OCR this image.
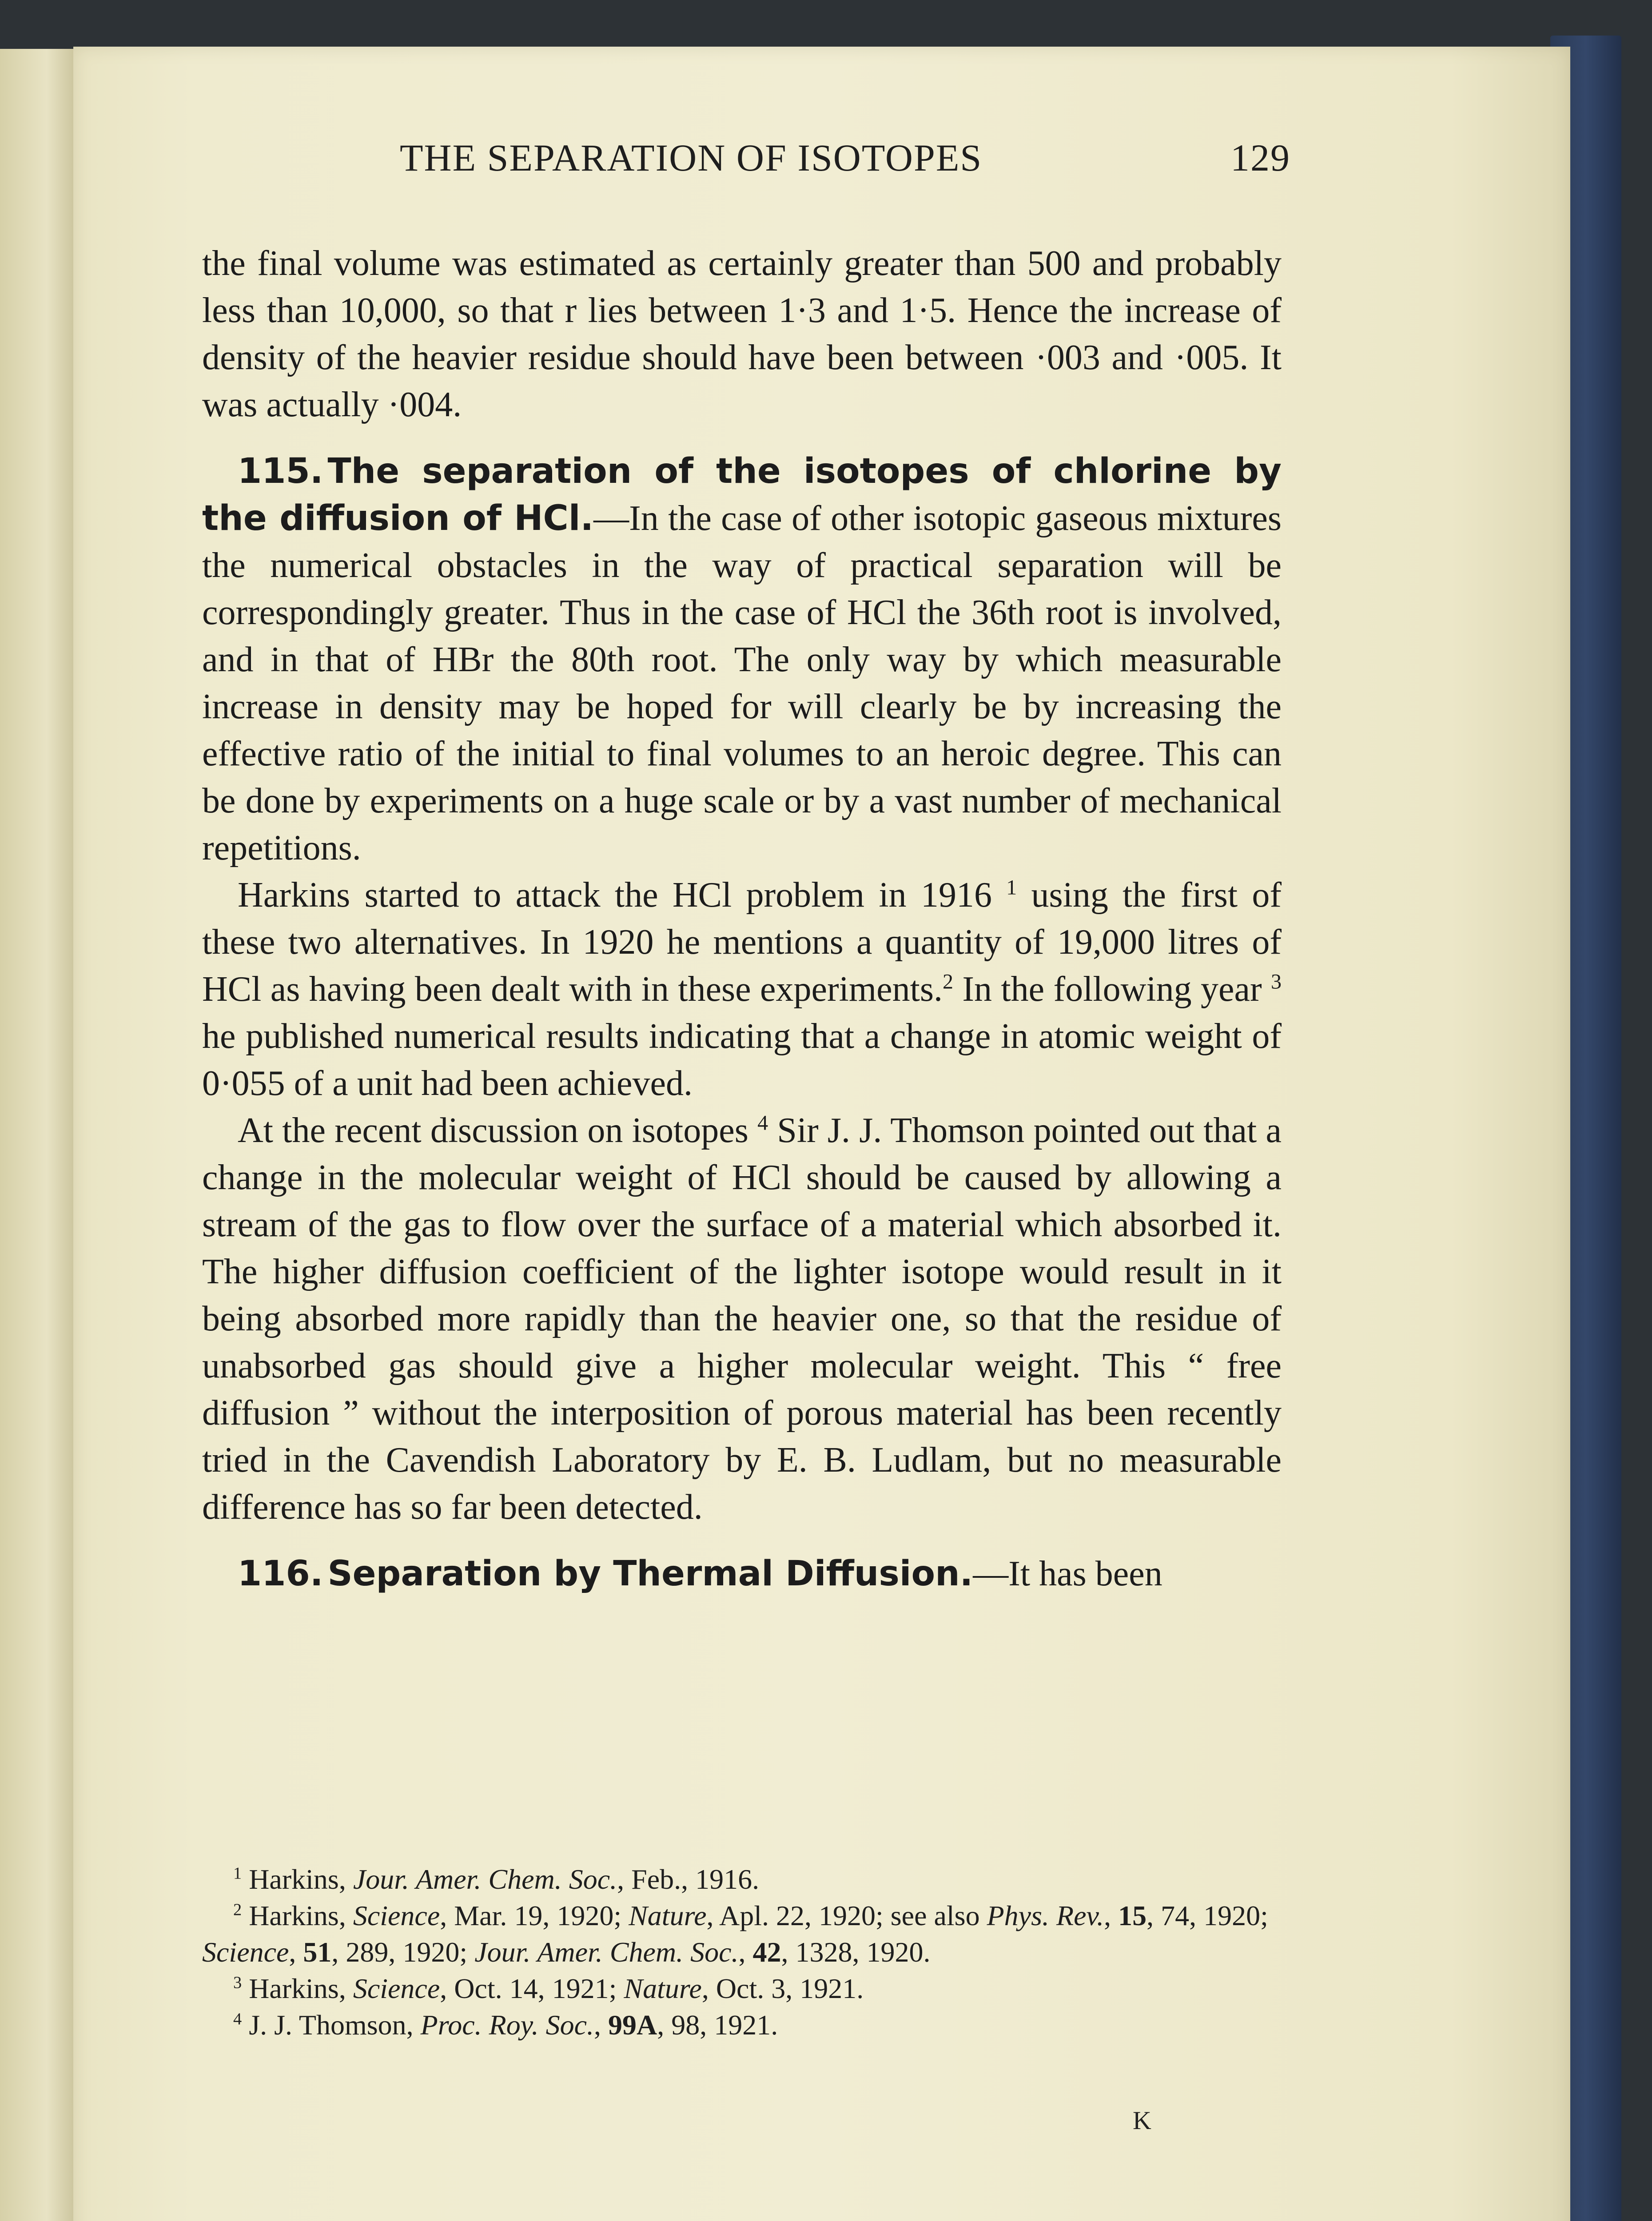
THE SEPARATION OF ISOTOPES	129

the final volume was estimated as certainly greater than 500 and probably less than 10,000, so that r lies between 1·3 and 1·5. Hence the increase of density of the heavier residue should have been between ·003 and ·005. It was actually ·004.

115. The separation of the isotopes of chlorine by the diffusion of HCl.—In the case of other isotopic gaseous mixtures the numerical obstacles in the way of practical separation will be correspondingly greater. Thus in the case of HCl the 36th root is involved, and in that of HBr the 80th root. The only way by which measurable increase in density may be hoped for will clearly be by increasing the effective ratio of the initial to final volumes to an heroic degree. This can be done by experiments on a huge scale or by a vast number of mechanical repetitions.

Harkins started to attack the HCl problem in 1916 $^1$ using the first of these two alternatives. In 1920 he mentions a quantity of 19,000 litres of HCl as having been dealt with in these experiments.$^2$ In the following year $^3$ he published numerical results indicating that a change in atomic weight of 0·055 of a unit had been achieved.

At the recent discussion on isotopes $^4$ Sir J. J. Thomson pointed out that a change in the molecular weight of HCl should be caused by allowing a stream of the gas to flow over the surface of a material which absorbed it. The higher diffusion coefficient of the lighter isotope would result in it being absorbed more rapidly than the heavier one, so that the residue of unabsorbed gas should give a higher molecular weight. This “ free diffusion ” without the interposition of porous material has been recently tried in the Cavendish Laboratory by E. B. Ludlam, but no measurable difference has so far been detected.

116. Separation by Thermal Diffusion.—It has been

$^1$ Harkins, Jour. Amer. Chem. Soc., Feb., 1916.

$^2$ Harkins, Science, Mar. 19, 1920; Nature, Apl. 22, 1920; see also Phys. Rev., 15, 74, 1920; Science, 51, 289, 1920; Jour. Amer. Chem. Soc., 42, 1328, 1920.

$^3$ Harkins, Science, Oct. 14, 1921; Nature, Oct. 3, 1921.

$^4$ J. J. Thomson, Proc. Roy. Soc., 99A, 98, 1921.

K
